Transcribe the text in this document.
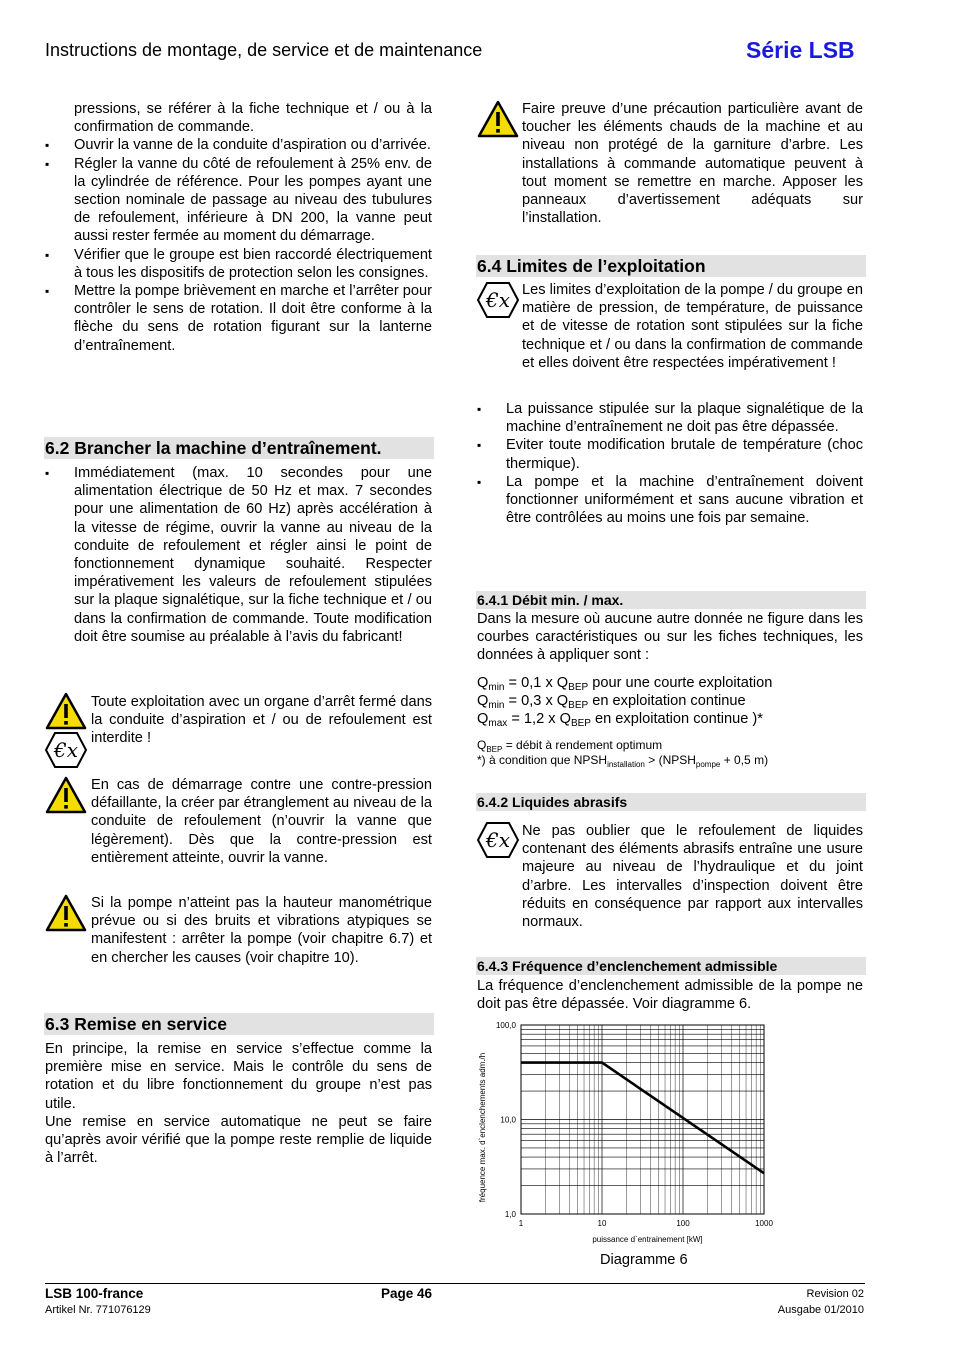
Instructions de montage, de service et de maintenance	Série LSB
pressions, se référer à la fiche technique et / ou à la confirmation de commande.

▪ Ouvrir la vanne de la conduite d’aspiration ou d’arrivée.

▪ Régler la vanne du côté de refoulement à 25% env. de la cylindrée de référence. Pour les pompes ayant une section nominale de passage au niveau des tubulures de refoulement, inférieure à DN 200, la vanne peut aussi rester fermée au moment du démarrage.

▪ Vérifier que le groupe est bien raccordé électriquement à tous les dispositifs de protection selon les consignes.

▪ Mettre la pompe brièvement en marche et l’arrêter pour contrôler le sens de rotation. Il doit être conforme à la flèche du sens de rotation figurant sur la lanterne d’entraînement.

6.2 Brancher la machine d’entraînement.

▪ Immédiatement (max. 10 secondes pour une alimentation électrique de 50 Hz et max. 7 secondes pour une alimentation de 60 Hz) après accélération à la vitesse de régime, ouvrir la vanne au niveau de la conduite de refoulement et régler ainsi le point de fonctionnement dynamique souhaité. Respecter impérativement les valeurs de refoulement stipulées sur la plaque signalétique, sur la fiche technique et / ou dans la confirmation de commande. Toute modification doit être soumise au préalable à l’avis du fabricant!

€x
Toute exploitation avec un organe d’arrêt fermé dans la conduite d’aspiration et / ou de refoulement est interdite !
En cas de démarrage contre une contre-pression défaillante, la créer par étranglement au niveau de la conduite de refoulement (n’ouvrir la vanne que légèrement). Dès que la contre-pression est entièrement atteinte, ouvrir la vanne.
Si la pompe n’atteint pas la hauteur manométrique prévue ou si des bruits et vibrations atypiques se manifestent : arrêter la pompe (voir chapitre 6.7) et en chercher les causes (voir chapitre 10).
6.3 Remise en service
En principe, la remise en service s’effectue comme la première mise en service. Mais le contrôle du sens de rotation et du libre fonctionnement du groupe n’est pas utile.
Une remise en service automatique ne peut se faire qu’après avoir vérifié que la pompe reste remplie de liquide à l’arrêt.
Faire preuve d’une précaution particulière avant de toucher les éléments chauds de la machine et au niveau non protégé de la garniture d’arbre. Les installations à commande automatique peuvent à tout moment se remettre en marche. Apposer les panneaux d’avertissement adéquats sur l’installation.
6.4 Limites de l’exploitation
€x Les limites d’exploitation de la pompe / du groupe en matière de pression, de température, de puissance et de vitesse de rotation sont stipulées sur la fiche technique et / ou dans la confirmation de commande et elles doivent être respectées impérativement !

▪ La puissance stipulée sur la plaque signalétique de la machine d’entraînement ne doit pas être dépassée.

▪ Eviter toute modification brutale de température (choc thermique).

▪ La pompe et la machine d’entraînement doivent fonctionner uniformément et sans aucune vibration et être contrôlées au moins une fois par semaine.

6.4.1 Débit min. / max.
Dans la mesure où aucune autre donnée ne figure dans les courbes caractéristiques ou sur les fiches techniques, les données à appliquer sont :
$Q_{min} = 0,1$ x $Q_{BEP}$ pour une courte exploitation
$Q_{min} = 0,3$ x $Q_{BEP}$ en exploitation continue
$Q_{max} = 1,2$ x $Q_{BEP}$ en exploitation continue )*
$Q_{BEP}$ = débit à rendement optimum
*) à condition que $NPSH_{installation}$ > ($NPSH_{pompe} + 0,5$ m)
6.4.2 Liquides abrasifs
€x Ne pas oublier que le refoulement de liquides contenant des éléments abrasifs entraîne une usure majeure au niveau de l’hydraulique et du joint d’arbre. Les intervalles d’inspection doivent être réduits en conséquence par rapport aux intervalles normaux.
6.4.3 Fréquence d’enclenchement admissible
La fréquence d’enclenchement admissible de la pompe ne doit pas être dépassée. Voir diagramme 6.
1	10	100	1000
1,0
10,0
100,0
puissance d`entrainement [kW]
fréquence max. d`enclenchements adm./h
Diagramme 6
LSB 100-france
Artikel Nr. 771076129
Page 46	Revision 02
Ausgabe 01/2010
